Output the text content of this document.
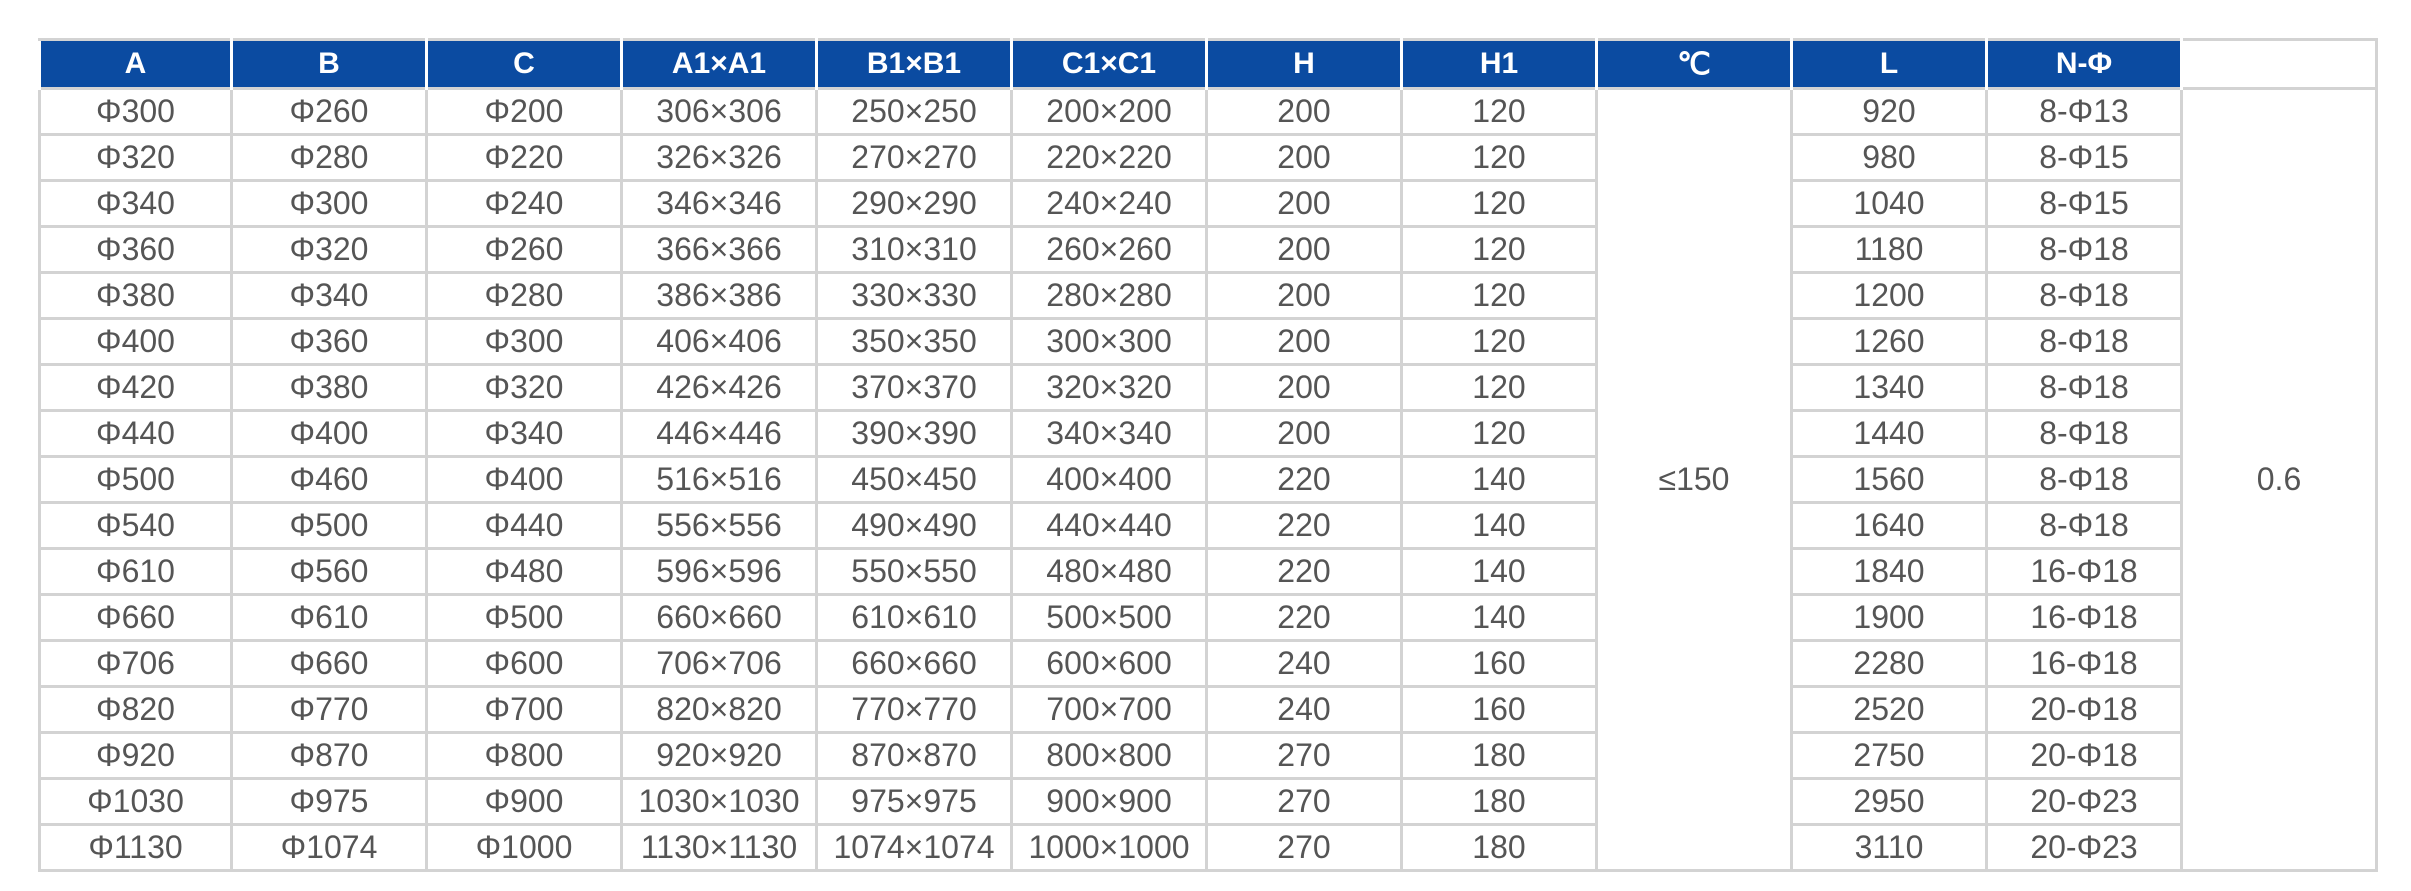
A	B	C	A1×A1	B1×B1	C1×C1	H	H1	℃	L	N-Φ	
Φ300	Φ260	Φ200	306×306	250×250	200×200	200	120	≤150	920	8-Φ13	0.6
Φ320	Φ280	Φ220	326×326	270×270	220×220	200	120		980	8-Φ15	
Φ340	Φ300	Φ240	346×346	290×290	240×240	200	120		1040	8-Φ15	
Φ360	Φ320	Φ260	366×366	310×310	260×260	200	120		1180	8-Φ18	
Φ380	Φ340	Φ280	386×386	330×330	280×280	200	120		1200	8-Φ18	
Φ400	Φ360	Φ300	406×406	350×350	300×300	200	120		1260	8-Φ18	
Φ420	Φ380	Φ320	426×426	370×370	320×320	200	120		1340	8-Φ18	
Φ440	Φ400	Φ340	446×446	390×390	340×340	200	120		1440	8-Φ18	
Φ500	Φ460	Φ400	516×516	450×450	400×400	220	140		1560	8-Φ18	
Φ540	Φ500	Φ440	556×556	490×490	440×440	220	140		1640	8-Φ18	
Φ610	Φ560	Φ480	596×596	550×550	480×480	220	140		1840	16-Φ18	
Φ660	Φ610	Φ500	660×660	610×610	500×500	220	140		1900	16-Φ18	
Φ706	Φ660	Φ600	706×706	660×660	600×600	240	160		2280	16-Φ18	
Φ820	Φ770	Φ700	820×820	770×770	700×700	240	160		2520	20-Φ18	
Φ920	Φ870	Φ800	920×920	870×870	800×800	270	180		2750	20-Φ18	
Φ1030	Φ975	Φ900	1030×1030	975×975	900×900	270	180		2950	20-Φ23	
Φ1130	Φ1074	Φ1000	1130×1130	1074×1074	1000×1000	270	180		3110	20-Φ23	
